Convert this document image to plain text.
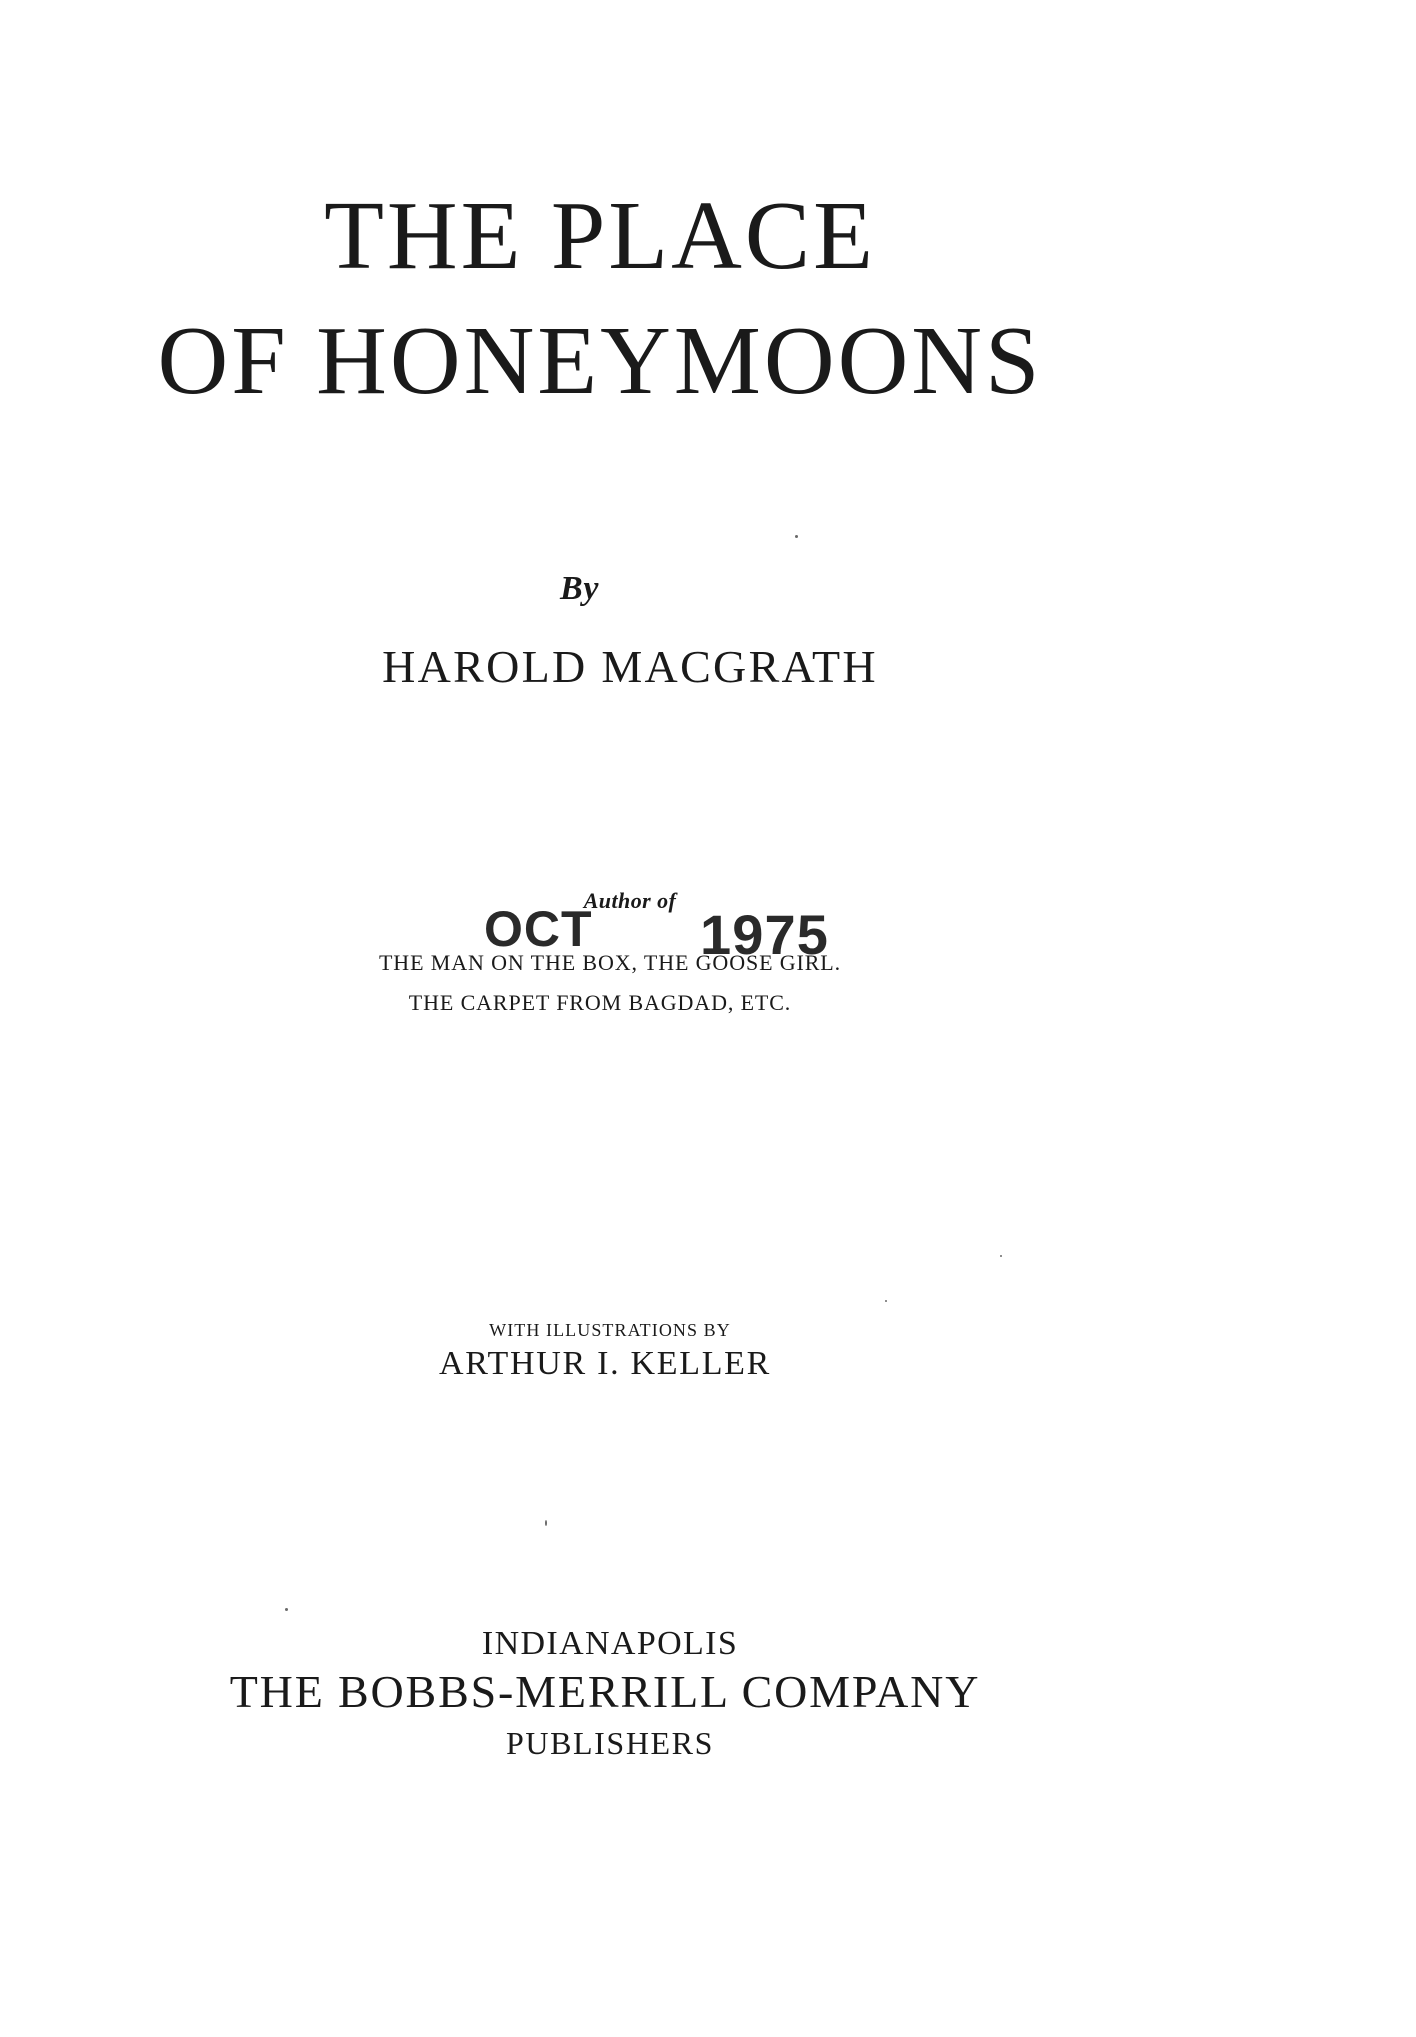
THE PLACE
OF HONEYMOONS
By
HAROLD MACGRATH
Author of
THE MAN ON THE BOX, THE GOOSE GIRL.
THE CARPET FROM BAGDAD, ETC.
OCT 1975
WITH ILLUSTRATIONS BY
ARTHUR I. KELLER
INDIANAPOLIS
THE BOBBS-MERRILL COMPANY
PUBLISHERS
